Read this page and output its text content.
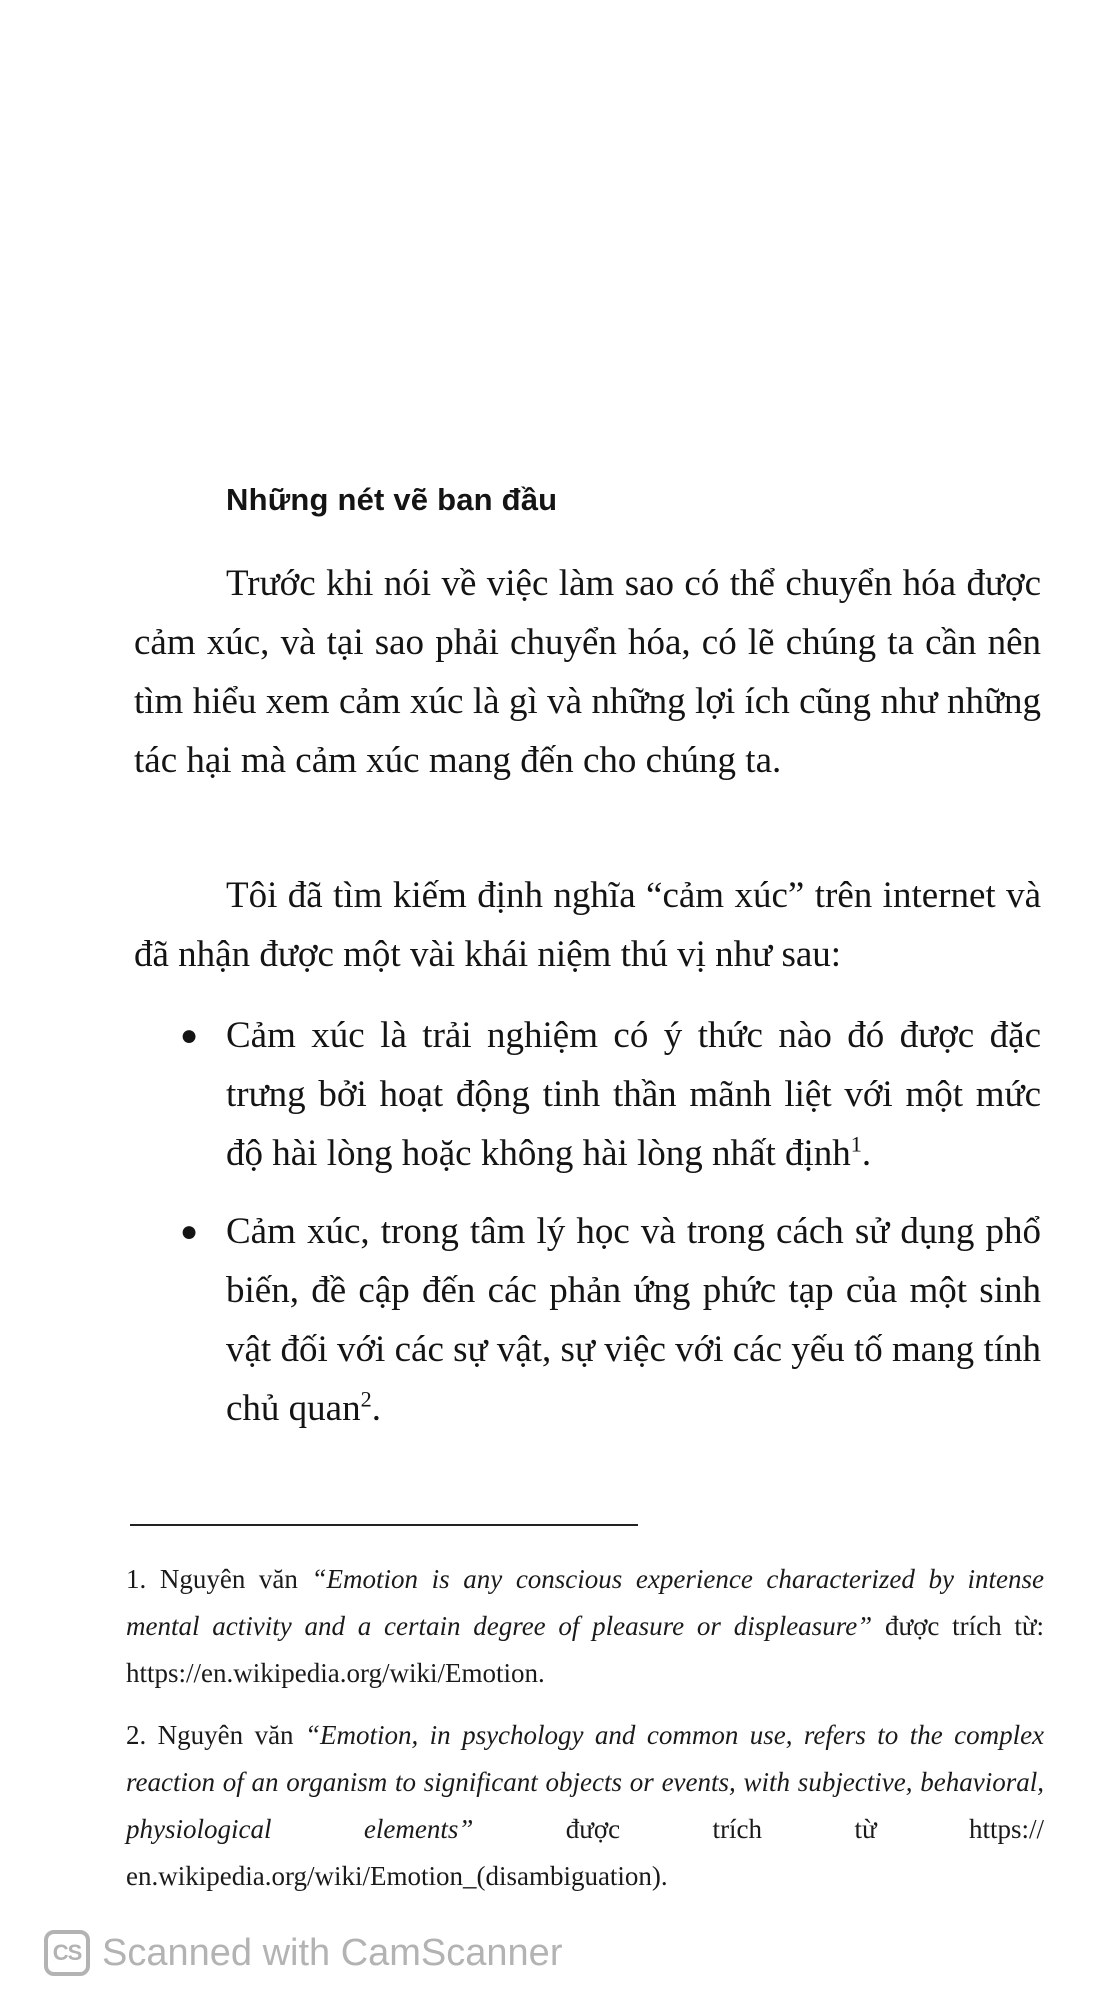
Những nét vẽ ban đầu

Trước khi nói về việc làm sao có thể chuyển hóa được cảm xúc, và tại sao phải chuyển hóa, có lẽ chúng ta cần nên tìm hiểu xem cảm xúc là gì và những lợi ích cũng như những tác hại mà cảm xúc mang đến cho chúng ta.

Tôi đã tìm kiếm định nghĩa “cảm xúc” trên internet và đã nhận được một vài khái niệm thú vị như sau:

● Cảm xúc là trải nghiệm có ý thức nào đó được đặc trưng bởi hoạt động tinh thần mãnh liệt với một mức độ hài lòng hoặc không hài lòng nhất định$^1$.

● Cảm xúc, trong tâm lý học và trong cách sử dụng phổ biến, đề cập đến các phản ứng phức tạp của một sinh vật đối với các sự vật, sự việc với các yếu tố mang tính chủ quan$^2$.

1. Nguyên văn “Emotion is any conscious experience characterized by intense mental activity and a certain degree of pleasure or displeasure” được trích từ: https://en.wikipedia.org/wiki/Emotion.

2. Nguyên văn “Emotion, in psychology and common use, refers to the complex reaction of an organism to significant objects or events, with subjective, behavioral, physiological elements”	được trích từ https:// en.wikipedia.org/wiki/Emotion_(disambiguation).

CS Scanned with CamScanner
